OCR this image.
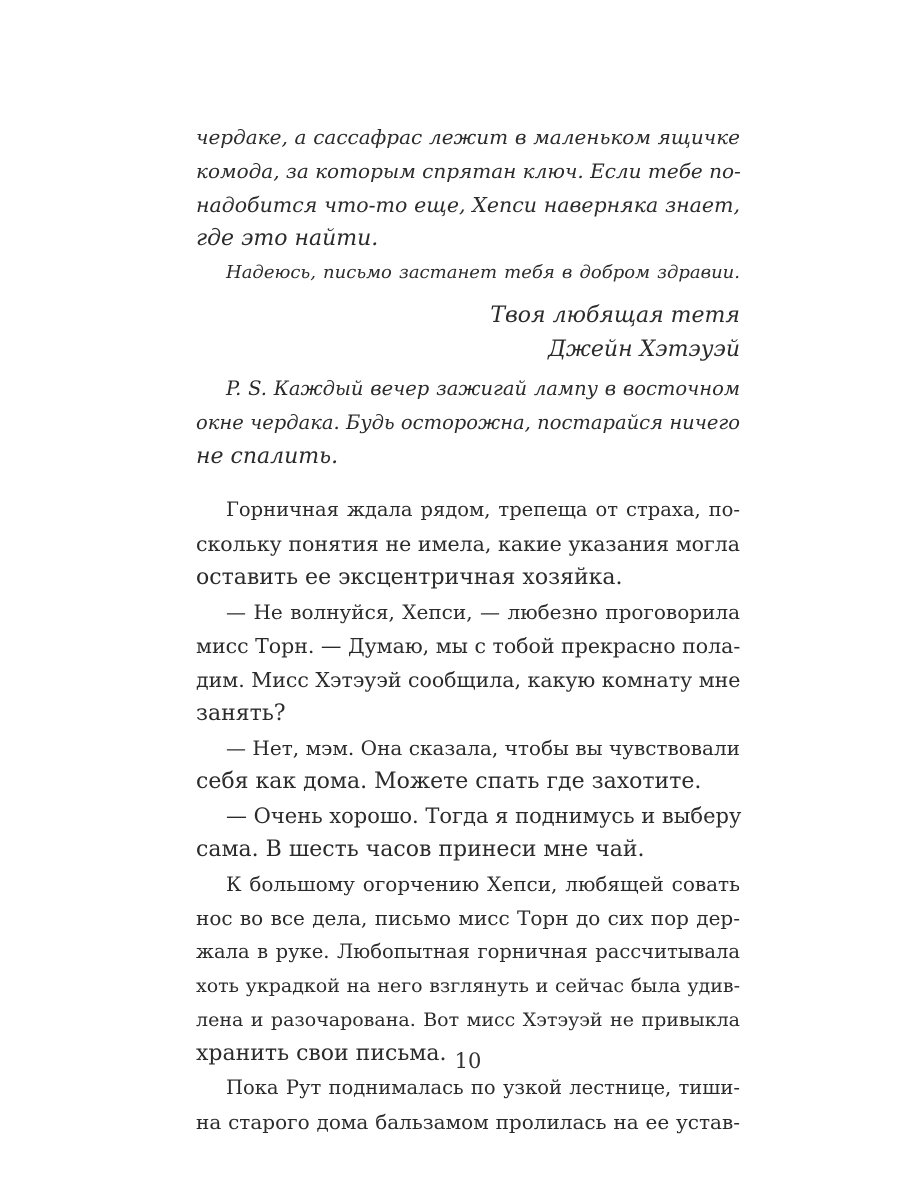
чердаке, а сассафрас лежит в маленьком ящичке
комода, за которым спрятан ключ. Если тебе по-
надобится что-то еще, Хепси наверняка знает,
где это найти.
Надеюсь, письмо застанет тебя в добром здравии.
Твоя любящая тетя
Джейн Хэтэуэй
P. S. Каждый вечер зажигай лампу в восточном
окне чердака. Будь осторожна, постарайся ничего
не спалить.
Горничная ждала рядом, трепеща от страха, по-
скольку понятия не имела, какие указания могла
оставить ее эксцентричная хозяйка.
— Не волнуйся, Хепси, — любезно проговорила
мисс Торн. — Думаю, мы с тобой прекрасно пола-
дим. Мисс Хэтэуэй сообщила, какую комнату мне
занять?
— Нет, мэм. Она сказала, чтобы вы чувствовали
себя как дома. Можете спать где захотите.
— Очень хорошо. Тогда я поднимусь и выберу
сама. В шесть часов принеси мне чай.
К большому огорчению Хепси, любящей совать
нос во все дела, письмо мисс Торн до сих пор дер-
жала в руке. Любопытная горничная рассчитывала
хоть украдкой на него взглянуть и сейчас была удив-
лена и разочарована. Вот мисс Хэтэуэй не привыкла
хранить свои письма.
Пока Рут поднималась по узкой лестнице, тиши-
на старого дома бальзамом пролилась на ее устав-
10
